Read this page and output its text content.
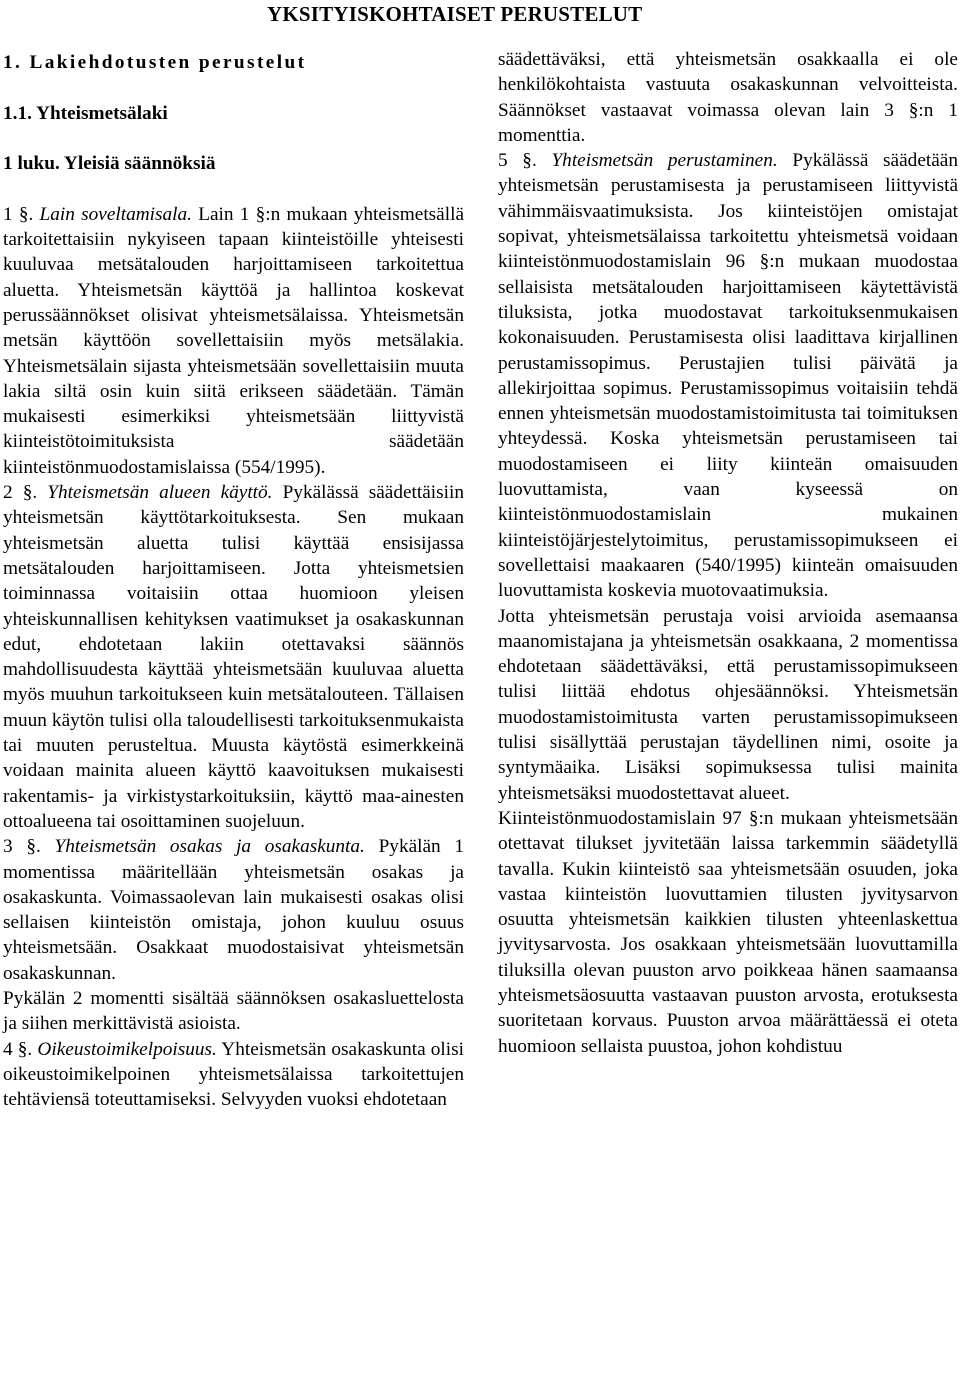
YKSITYISKOHTAISET PERUSTELUT

1. Lakiehdotusten perustelut

1.1. Yhteismetsälaki

1 luku. Yleisiä säännöksiä

1 §. Lain soveltamisala. Lain 1 §:n mukaan yhteismetsällä tarkoitettaisiin nykyiseen tapaan kiinteistöille yhteisesti kuuluvaa metsätalouden harjoittamiseen tarkoitettua aluetta. Yhteismetsän käyttöä ja hallintoa koskevat perussäännökset olisivat yhteismetsälaissa. Yhteismetsän metsän käyttöön sovellettaisiin myös metsälakia. Yhteismetsälain sijasta yhteismetsään sovellettaisiin muuta lakia siltä osin kuin siitä erikseen säädetään. Tämän mukaisesti esimerkiksi yhteismetsään liittyvistä kiinteistötoimituksista säädetään kiinteistönmuodostamislaissa (554/1995).

2 §. Yhteismetsän alueen käyttö. Pykälässä säädettäisiin yhteismetsän käyttötarkoituksesta. Sen mukaan yhteismetsän aluetta tulisi käyttää ensisijassa metsätalouden harjoittamiseen. Jotta yhteismetsien toiminnassa voitaisiin ottaa huomioon yleisen yhteiskunnallisen kehityksen vaatimukset ja osakaskunnan edut, ehdotetaan lakiin otettavaksi säännös mahdollisuudesta käyttää yhteismetsään kuuluvaa aluetta myös muuhun tarkoitukseen kuin metsätalouteen. Tällaisen muun käytön tulisi olla taloudellisesti tarkoituksenmukaista tai muuten perusteltua. Muusta käytöstä esimerkkeinä voidaan mainita alueen käyttö kaavoituksen mukaisesti rakentamis- ja virkistystarkoituksiin, käyttö maa-ainesten ottoalueena tai osoittaminen suojeluun.

3 §. Yhteismetsän osakas ja osakaskunta. Pykälän 1 momentissa määritellään yhteismetsän osakas ja osakaskunta. Voimassaolevan lain mukaisesti osakas olisi sellaisen kiinteistön omistaja, johon kuuluu osuus yhteismetsään. Osakkaat muodostaisivat yhteismetsän osakaskunnan.

Pykälän 2 momentti sisältää säännöksen osakasluettelosta ja siihen merkittävistä asioista.

4 §. Oikeustoimikelpoisuus. Yhteismetsän osakaskunta olisi oikeustoimikelpoinen yhteismetsälaissa tarkoitettujen tehtäviensä toteuttamiseksi. Selvyyden vuoksi ehdotetaan

säädettäväksi, että yhteismetsän osakkaalla ei ole henkilökohtaista vastuuta osakaskunnan velvoitteista. Säännökset vastaavat voimassa olevan lain 3 §:n 1 momenttia.

5 §. Yhteismetsän perustaminen. Pykälässä säädetään yhteismetsän perustamisesta ja perustamiseen liittyvistä vähimmäisvaatimuksista. Jos kiinteistöjen omistajat sopivat, yhteismetsälaissa tarkoitettu yhteismetsä voidaan kiinteistönmuodostamislain 96 §:n mukaan muodostaa sellaisista metsätalouden harjoittamiseen käytettävistä tiluksista, jotka muodostavat tarkoituksenmukaisen kokonaisuuden. Perustamisesta olisi laadittava kirjallinen perustamissopimus. Perustajien tulisi päivätä ja allekirjoittaa sopimus. Perustamissopimus voitaisiin tehdä ennen yhteismetsän muodostamistoimitusta tai toimituksen yhteydessä. Koska yhteismetsän perustamiseen tai muodostamiseen ei liity kiinteän omaisuuden luovuttamista, vaan kyseessä on kiinteistönmuodostamislain mukainen kiinteistöjärjestelytoimitus, perustamissopimukseen ei sovellettaisi maakaaren (540/1995) kiinteän omaisuuden luovuttamista koskevia muotovaatimuksia.

Jotta yhteismetsän perustaja voisi arvioida asemaansa maanomistajana ja yhteismetsän osakkaana, 2 momentissa ehdotetaan säädettäväksi, että perustamissopimukseen tulisi liittää ehdotus ohjesäännöksi. Yhteismetsän muodostamistoimitusta varten perustamissopimukseen tulisi sisällyttää perustajan täydellinen nimi, osoite ja syntymäaika. Lisäksi sopimuksessa tulisi mainita yhteismetsäksi muodostettavat alueet.

Kiinteistönmuodostamislain 97 §:n mukaan yhteismetsään otettavat tilukset jyvitetään laissa tarkemmin säädetyllä tavalla. Kukin kiinteistö saa yhteismetsään osuuden, joka vastaa kiinteistön luovuttamien tilusten jyvitysarvon osuutta yhteismetsän kaikkien tilusten yhteenlaskettua jyvitysarvosta. Jos osakkaan yhteismetsään luovuttamilla tiluksilla olevan puuston arvo poikkeaa hänen saamaansa yhteismetsäosuutta vastaavan puuston arvosta, erotuksesta suoritetaan korvaus. Puuston arvoa määrättäessä ei oteta huomioon sellaista puustoa, johon kohdistuu
